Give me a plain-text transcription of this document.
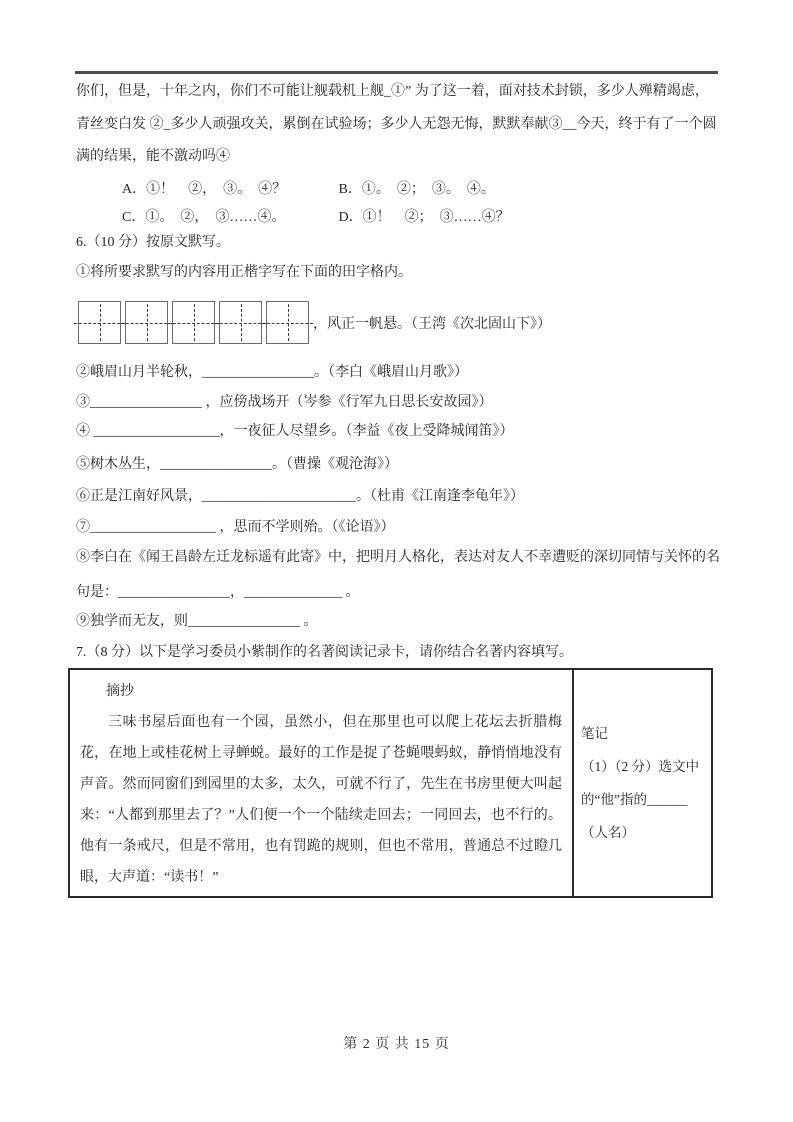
你们，但是，十年之内，你们不可能让舰载机上舰_①” 为了这一着，面对技术封锁，多少人殚精竭虑，
青丝变白发 ②_多少人顽强攻关，累倒在试验场；多少人无怨无悔，默默奉献③__今天，终于有了一个圆
满的结果，能不激动吗④
A．①！　②，　③。　④？	B．①。　②；　③。　④。
C．①。　②，　③……④。	D．①！　②；　③……④？
6.（10 分）按原文默写。
①将所要求默写的内容用正楷字写在下面的田字格内。
，风正一帆悬。（王湾《次北固山下》）
②峨眉山月半轮秋，________________。（李白《峨眉山月歌》）
③________________ ，应傍战场开（岑参《行军九日思长安故园》）
④ __________________，一夜征人尽望乡。（李益《夜上受降城闻笛》）
⑤树木丛生，________________。（曹操《观沧海》）
⑥正是江南好风景，______________________。（杜甫《江南逢李龟年》）
⑦__________________ ，思而不学则殆。（《论语》）
⑧李白在《闻王昌龄左迁龙标遥有此寄》中，把明月人格化，表达对友人不幸遭贬的深切同情与关怀的名
句是：________________，______________ 。
⑨独学而无友，则________________ 。
7.（8 分）以下是学习委员小紫制作的名著阅读记录卡，请你结合名著内容填写。
摘抄

三味书屋后面也有一个园，虽然小，但在那里也可以爬上花坛去折腊梅花，在地上或桂花树上寻蝉蜕。最好的工作是捉了苍蝇喂蚂蚁，静悄悄地没有声音。然而同窗们到园里的太多，太久，可就不行了，先生在书房里便大叫起来：“人都到那里去了？”人们便一个一个陆续走回去；一同回去，也不行的。他有一条戒尺，但是不常用，也有罚跪的规则，但也不常用，普通总不过瞪几眼，大声道：“读书！”

笔记
（1）（2 分）选文中
的“他”指的______
（人名）
第 2 页 共 15 页
